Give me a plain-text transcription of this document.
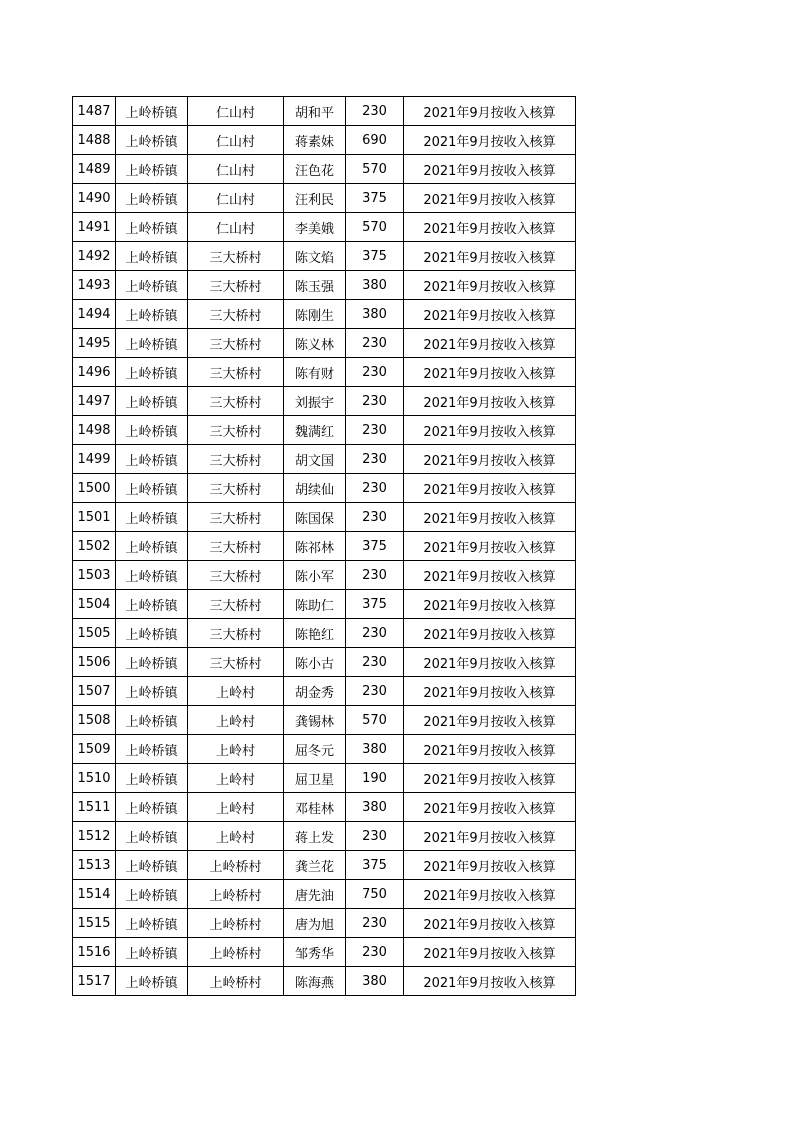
1487	上岭桥镇	仁山村	胡和平	230	2021年9月按收入核算
1488	上岭桥镇	仁山村	蒋素妹	690	2021年9月按收入核算
1489	上岭桥镇	仁山村	汪色花	570	2021年9月按收入核算
1490	上岭桥镇	仁山村	汪利民	375	2021年9月按收入核算
1491	上岭桥镇	仁山村	李美娥	570	2021年9月按收入核算
1492	上岭桥镇	三大桥村	陈文焰	375	2021年9月按收入核算
1493	上岭桥镇	三大桥村	陈玉强	380	2021年9月按收入核算
1494	上岭桥镇	三大桥村	陈刚生	380	2021年9月按收入核算
1495	上岭桥镇	三大桥村	陈义林	230	2021年9月按收入核算
1496	上岭桥镇	三大桥村	陈有财	230	2021年9月按收入核算
1497	上岭桥镇	三大桥村	刘振宇	230	2021年9月按收入核算
1498	上岭桥镇	三大桥村	魏满红	230	2021年9月按收入核算
1499	上岭桥镇	三大桥村	胡文国	230	2021年9月按收入核算
1500	上岭桥镇	三大桥村	胡续仙	230	2021年9月按收入核算
1501	上岭桥镇	三大桥村	陈国保	230	2021年9月按收入核算
1502	上岭桥镇	三大桥村	陈祁林	375	2021年9月按收入核算
1503	上岭桥镇	三大桥村	陈小军	230	2021年9月按收入核算
1504	上岭桥镇	三大桥村	陈助仁	375	2021年9月按收入核算
1505	上岭桥镇	三大桥村	陈艳红	230	2021年9月按收入核算
1506	上岭桥镇	三大桥村	陈小古	230	2021年9月按收入核算
1507	上岭桥镇	上岭村	胡金秀	230	2021年9月按收入核算
1508	上岭桥镇	上岭村	龚锡林	570	2021年9月按收入核算
1509	上岭桥镇	上岭村	屈冬元	380	2021年9月按收入核算
1510	上岭桥镇	上岭村	屈卫星	190	2021年9月按收入核算
1511	上岭桥镇	上岭村	邓桂林	380	2021年9月按收入核算
1512	上岭桥镇	上岭村	蒋上发	230	2021年9月按收入核算
1513	上岭桥镇	上岭桥村	龚兰花	375	2021年9月按收入核算
1514	上岭桥镇	上岭桥村	唐先油	750	2021年9月按收入核算
1515	上岭桥镇	上岭桥村	唐为旭	230	2021年9月按收入核算
1516	上岭桥镇	上岭桥村	邹秀华	230	2021年9月按收入核算
1517	上岭桥镇	上岭桥村	陈海燕	380	2021年9月按收入核算
